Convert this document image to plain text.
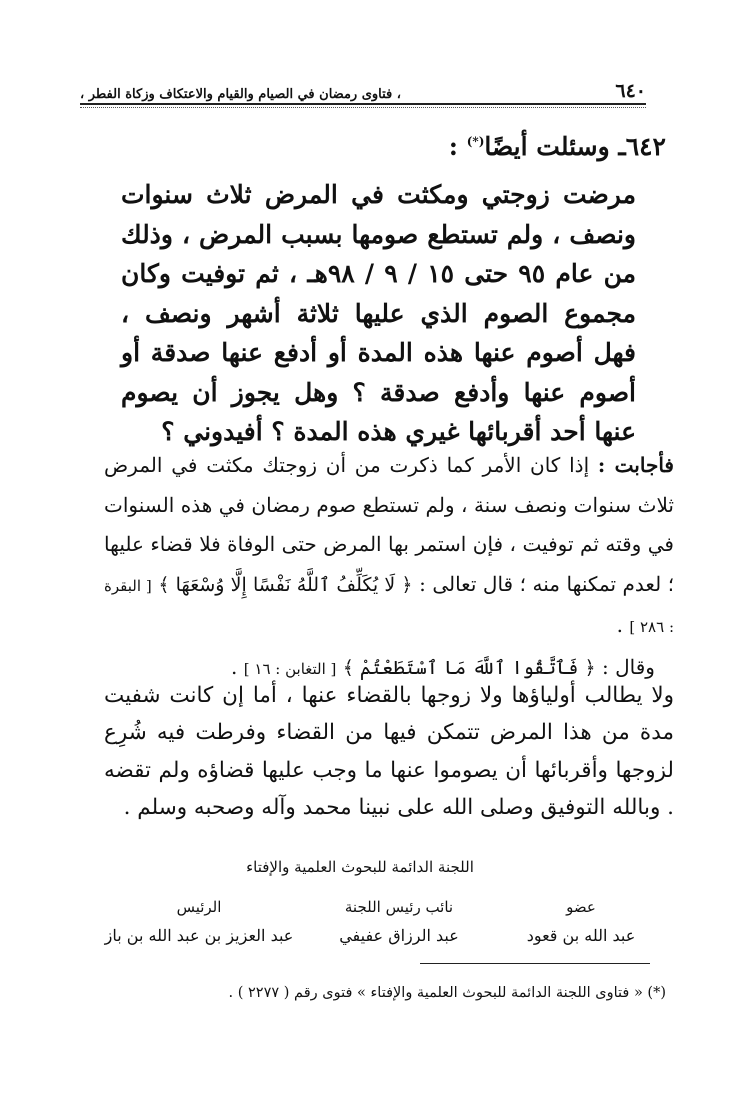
٦٤٠
، فتاوى رمضان في الصيام والقيام والاعتكاف وزكاة الفطر ،
٦٤٢ـ وسئلت أيضًا(*) :

مرضت زوجتي ومكثت في المرض ثلاث سنوات ونصف ، ولم تستطع صومها بسبب المرض ، وذلك من عام ٩٥ حتى ١٥ / ٩ / ٩٨هـ ، ثم توفيت وكان مجموع الصوم الذي عليها ثلاثة أشهر ونصف ، فهل أصوم عنها هذه المدة أو أدفع عنها صدقة أو أصوم عنها وأدفع صدقة ؟ وهل يجوز أن يصوم عنها أحد أقربائها غيري هذه المدة ؟ أفيدوني ؟

فأجابت : إذا كان الأمر كما ذكرت من أن زوجتك مكثت في المرض ثلاث سنوات ونصف سنة ، ولم تستطع صوم رمضان في هذه السنوات في وقته ثم توفيت ، فإن استمر بها المرض حتى الوفاة فلا قضاء عليها ؛ لعدم تمكنها منه ؛ قال تعالى : ﴿ لَا يُكَلِّفُ ٱللَّهُ نَفْسًا إِلَّا وُسْعَهَا ﴾ [ البقرة : ٢٨٦ ] .
وقال : ﴿ فَٱتَّقُوا ٱللَّهَ مَا ٱسْتَطَعْتُمْ ﴾ [ التغابن : ١٦ ] .

ولا يطالب أولياؤها ولا زوجها بالقضاء عنها ، أما إن كانت شفيت مدة من هذا المرض تتمكن فيها من القضاء وفرطت فيه شُرِع لزوجها وأقربائها أن يصوموا عنها ما وجب عليها قضاؤه ولم تقضه . وبالله التوفيق وصلى الله على نبينا محمد وآله وصحبه وسلم .

اللجنة الدائمة للبحوث العلمية والإفتاء
عضو
عبد الله بن قعود
نائب رئيس اللجنة
عبد الرزاق عفيفي
الرئيس
عبد العزيز بن عبد الله بن باز
(*) « فتاوى اللجنة الدائمة للبحوث العلمية والإفتاء » فتوى رقم ( ٢٢٧٧ ) .
